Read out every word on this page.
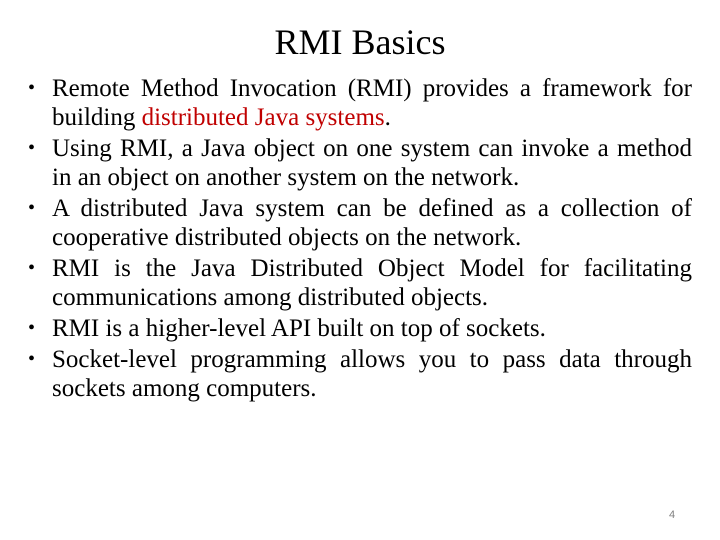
RMI Basics
• Remote Method Invocation (RMI) provides a framework for building distributed Java systems.
• Using RMI, a Java object on one system can invoke a method in an object on another system on the network.
• A distributed Java system can be defined as a collection of cooperative distributed objects on the network.
• RMI is the Java Distributed Object Model for facilitating communications among distributed objects.
• RMI is a higher-level API built on top of sockets.
• Socket-level programming allows you to pass data through sockets among computers.
4
